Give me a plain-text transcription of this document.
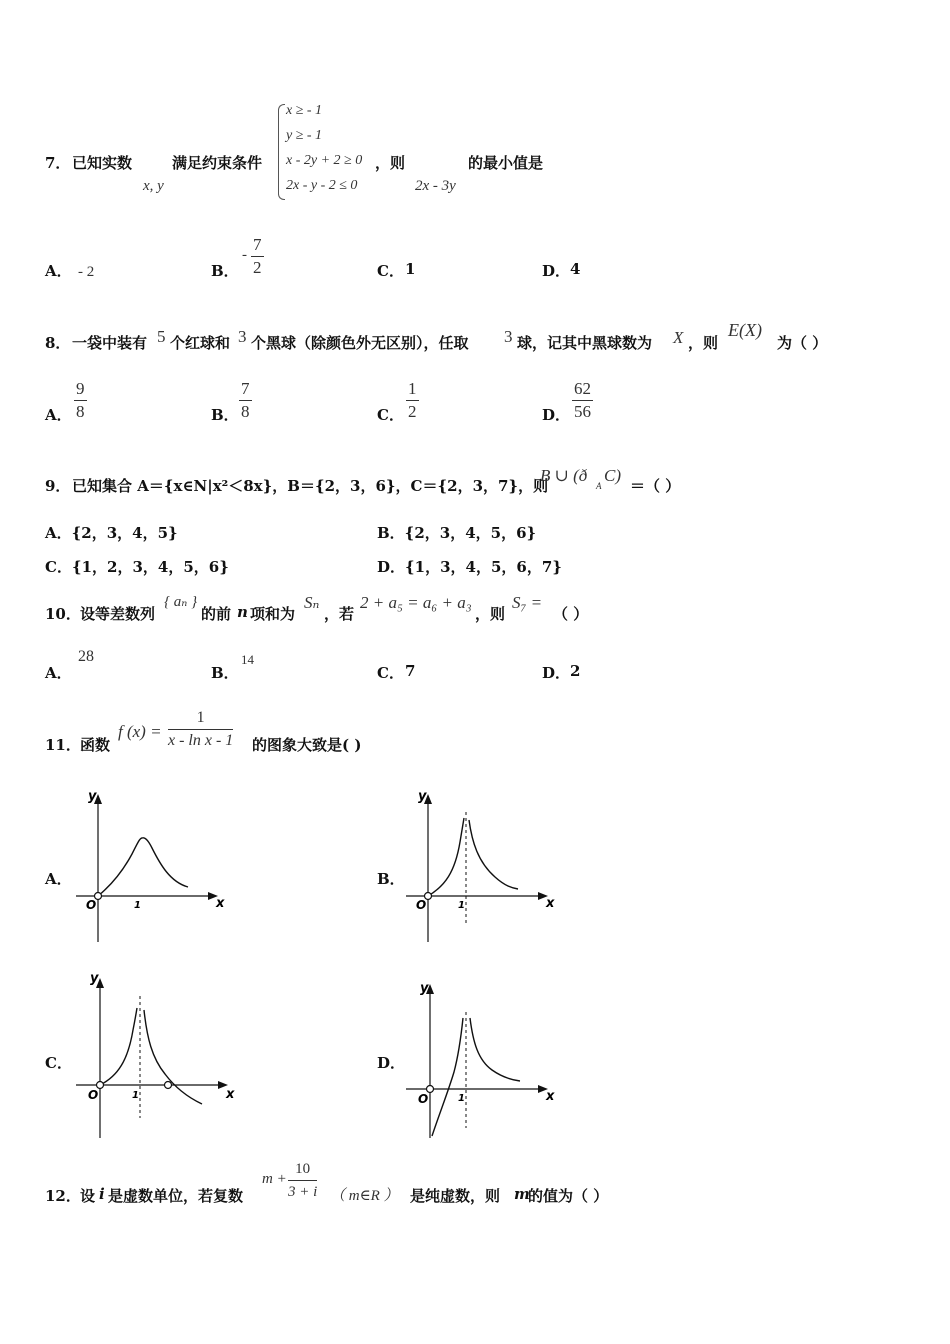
7． 已知实数
x, y
满足约束条件
x ≥ - 1
y ≥ - 1
x - 2y + 2 ≥ 0
2x - y - 2 ≤ 0
，则
2x - 3y
的最小值是
A． - 2	B．
- $\frac{7}{2}$	C． 1	D． 4
8． 一袋中装有 5 个红球和 3 个黑球（除颜色外无区别），任取 3 球，记其中黑球数为 X ，则
E(X)
为（ ）
A． $\frac{9}{8}$	B． $\frac{7}{8}$	C． $\frac{1}{2}$	D． $\frac{62}{56}$
9． 已知集合 A＝{x∈N|x²＜8x}，B＝{2，3，6}，C＝{2，3，7}，则
B ∪ (ð
A
C)
＝（ ）
A．{2，3，4，5}	B．{2，3，4，5，6}
C．{1，2，3，4，5，6}	D．{1，3，4，5，6，7}
10． 设等差数列
{ aₙ }
的前 n 项和为
Sₙ
，若
2 + a₅ = a₆ + a₃
，则
S₇ =
（ ）
A．
28
B．
14
C． 7	D． 2
11． 函数
f $(x) = \frac{1}{\text{x - ln x - 1}}$ 的图象大致是( )
A．
y
x
O	1
B．
y
x
O	1
C．
y
x
O	1
D．
y
x
O	1
12． 设 i 是虚数单位，若复数
$m + \frac{10}{3 + i}$ （ m∈R ） 是纯虚数，则 m
的值为（ ）
